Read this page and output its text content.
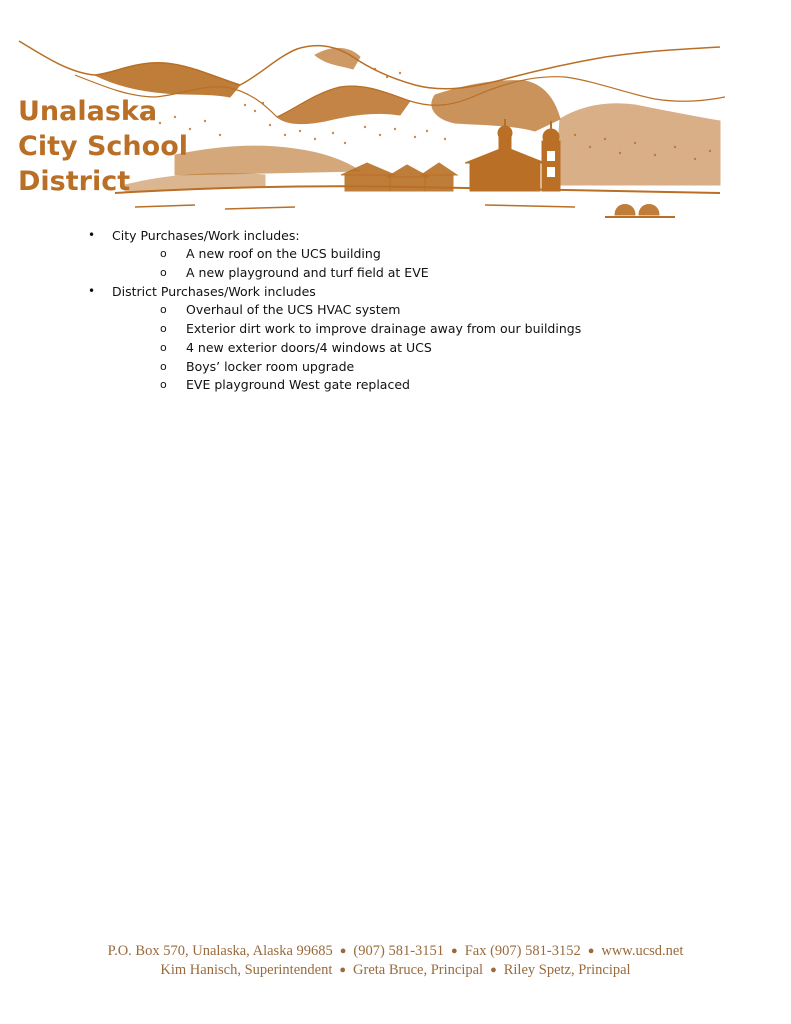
Unalaska
City School
District
• City Purchases/Work includes:
o A new roof on the UCS building
o A new playground and turf field at EVE
• District Purchases/Work includes
o Overhaul of the UCS HVAC system
o Exterior dirt work to improve drainage away from our buildings
o 4 new exterior doors/4 windows at UCS
o Boys’ locker room upgrade
o EVE playground West gate replaced
P.O. Box 570, Unalaska, Alaska 99685 ● (907) 581-3151 ● Fax (907) 581-3152 ● www.ucsd.net
Kim Hanisch, Superintendent ● Greta Bruce, Principal ● Riley Spetz, Principal
